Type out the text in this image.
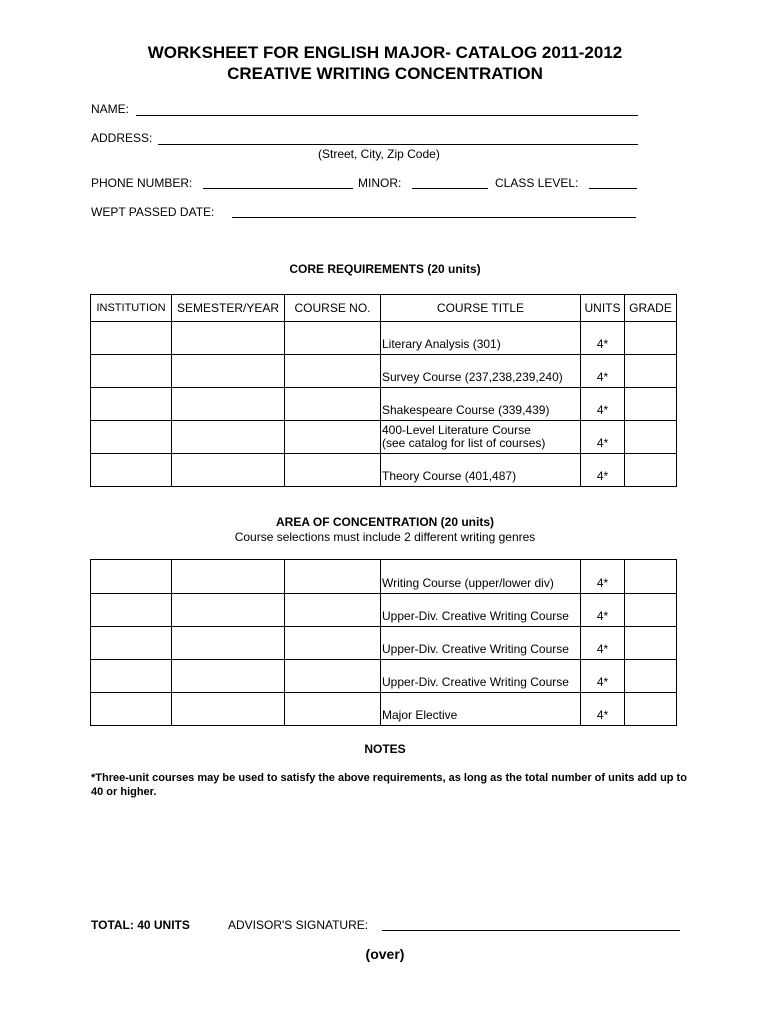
WORKSHEET FOR ENGLISH MAJOR- CATALOG 2011-2012
CREATIVE WRITING CONCENTRATION
NAME:
ADDRESS:
(Street, City, Zip Code)
PHONE NUMBER:	MINOR:	CLASS LEVEL:
WEPT PASSED DATE:
CORE REQUIREMENTS (20 units)
INSTITUTION	SEMESTER/YEAR	COURSE NO.	COURSE TITLE	UNITS	GRADE
			Literary Analysis (301)	4*	
			Survey Course (237,238,239,240)	4*	
			Shakespeare Course (339,439)	4*	
			400-Level Literature Course
(see catalog for list of courses)	4*	
			Theory Course (401,487)	4*	
AREA OF CONCENTRATION (20 units)
Course selections must include 2 different writing genres
			Writing Course (upper/lower div)	4*	
			Upper-Div. Creative Writing Course	4*	
			Upper-Div. Creative Writing Course	4*	
			Upper-Div. Creative Writing Course	4*	
			Major Elective	4*	
NOTES
*Three-unit courses may be used to satisfy the above requirements, as long as the total number of units add up to 40 or higher.
TOTAL: 40 UNITS	ADVISOR'S SIGNATURE:
(over)
